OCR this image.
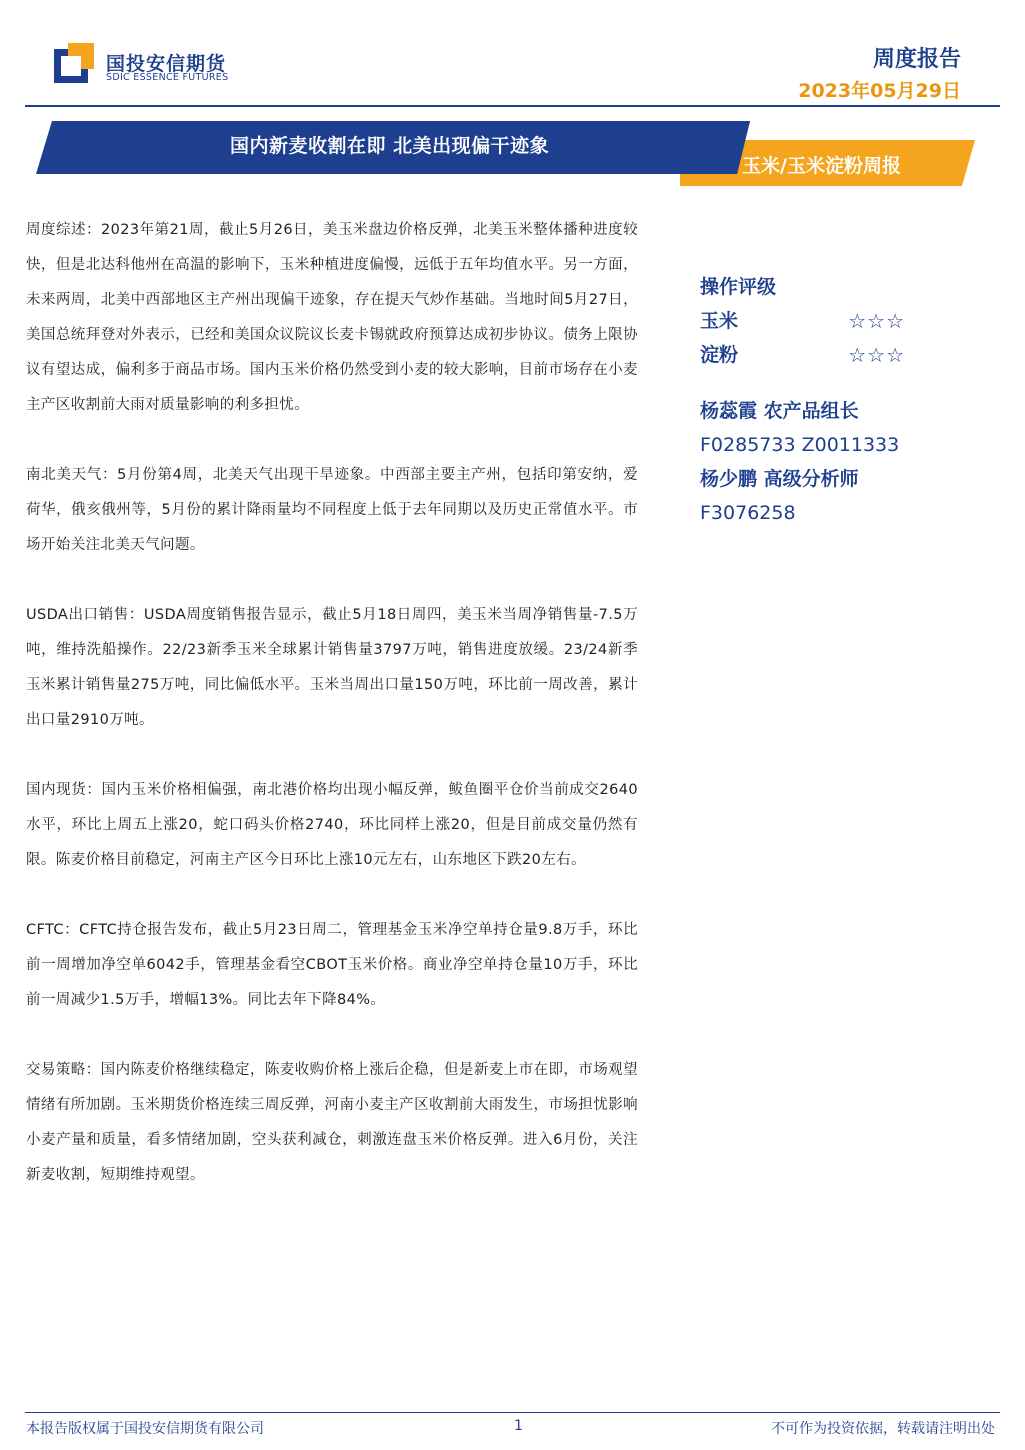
国投安信期货
SDIC ESSENCE FUTURES
周度报告
2023年05月29日
国内新麦收割在即 北美出现偏干迹象
玉米/玉米淀粉周报

周度综述：2023年第21周，截止5月26日，美玉米盘边价格反弹，北美玉米整体播种进度较快，但是北达科他州在高温的影响下，玉米种植进度偏慢，远低于五年均值水平。另一方面，未来两周，北美中西部地区主产州出现偏干迹象，存在提天气炒作基础。当地时间5月27日，美国总统拜登对外表示，已经和美国众议院议长麦卡锡就政府预算达成初步协议。债务上限协议有望达成，偏利多于商品市场。国内玉米价格仍然受到小麦的较大影响，目前市场存在小麦主产区收割前大雨对质量影响的利多担忧。

南北美天气：5月份第4周，北美天气出现干旱迹象。中西部主要主产州，包括印第安纳，爱荷华，俄亥俄州等，5月份的累计降雨量均不同程度上低于去年同期以及历史正常值水平。市场开始关注北美天气问题。

USDA出口销售：USDA周度销售报告显示，截止5月18日周四，美玉米当周净销售量-7.5万吨，维持洗船操作。22/23新季玉米全球累计销售量3797万吨，销售进度放缓。23/24新季玉米累计销售量275万吨，同比偏低水平。玉米当周出口量150万吨，环比前一周改善，累计出口量2910万吨。

国内现货：国内玉米价格相偏强，南北港价格均出现小幅反弹，鲅鱼圈平仓价当前成交2640水平，环比上周五上涨20，蛇口码头价格2740，环比同样上涨20，但是目前成交量仍然有限。陈麦价格目前稳定，河南主产区今日环比上涨10元左右，山东地区下跌20左右。

CFTC：CFTC持仓报告发布，截止5月23日周二，管理基金玉米净空单持仓量9.8万手，环比前一周增加净空单6042手，管理基金看空CBOT玉米价格。商业净空单持仓量10万手，环比前一周减少1.5万手，增幅13%。同比去年下降84%。

交易策略：国内陈麦价格继续稳定，陈麦收购价格上涨后企稳，但是新麦上市在即，市场观望情绪有所加剧。玉米期货价格连续三周反弹，河南小麦主产区收割前大雨发生，市场担忧影响小麦产量和质量，看多情绪加剧，空头获利减仓，刺激连盘玉米价格反弹。进入6月份，关注新麦收割，短期维持观望。

操作评级
玉米	☆☆☆
淀粉	☆☆☆
杨蕊霞 农产品组长
F0285733 Z0011333
杨少鹏 高级分析师
F3076258
本报告版权属于国投安信期货有限公司	1	不可作为投资依据，转载请注明出处
